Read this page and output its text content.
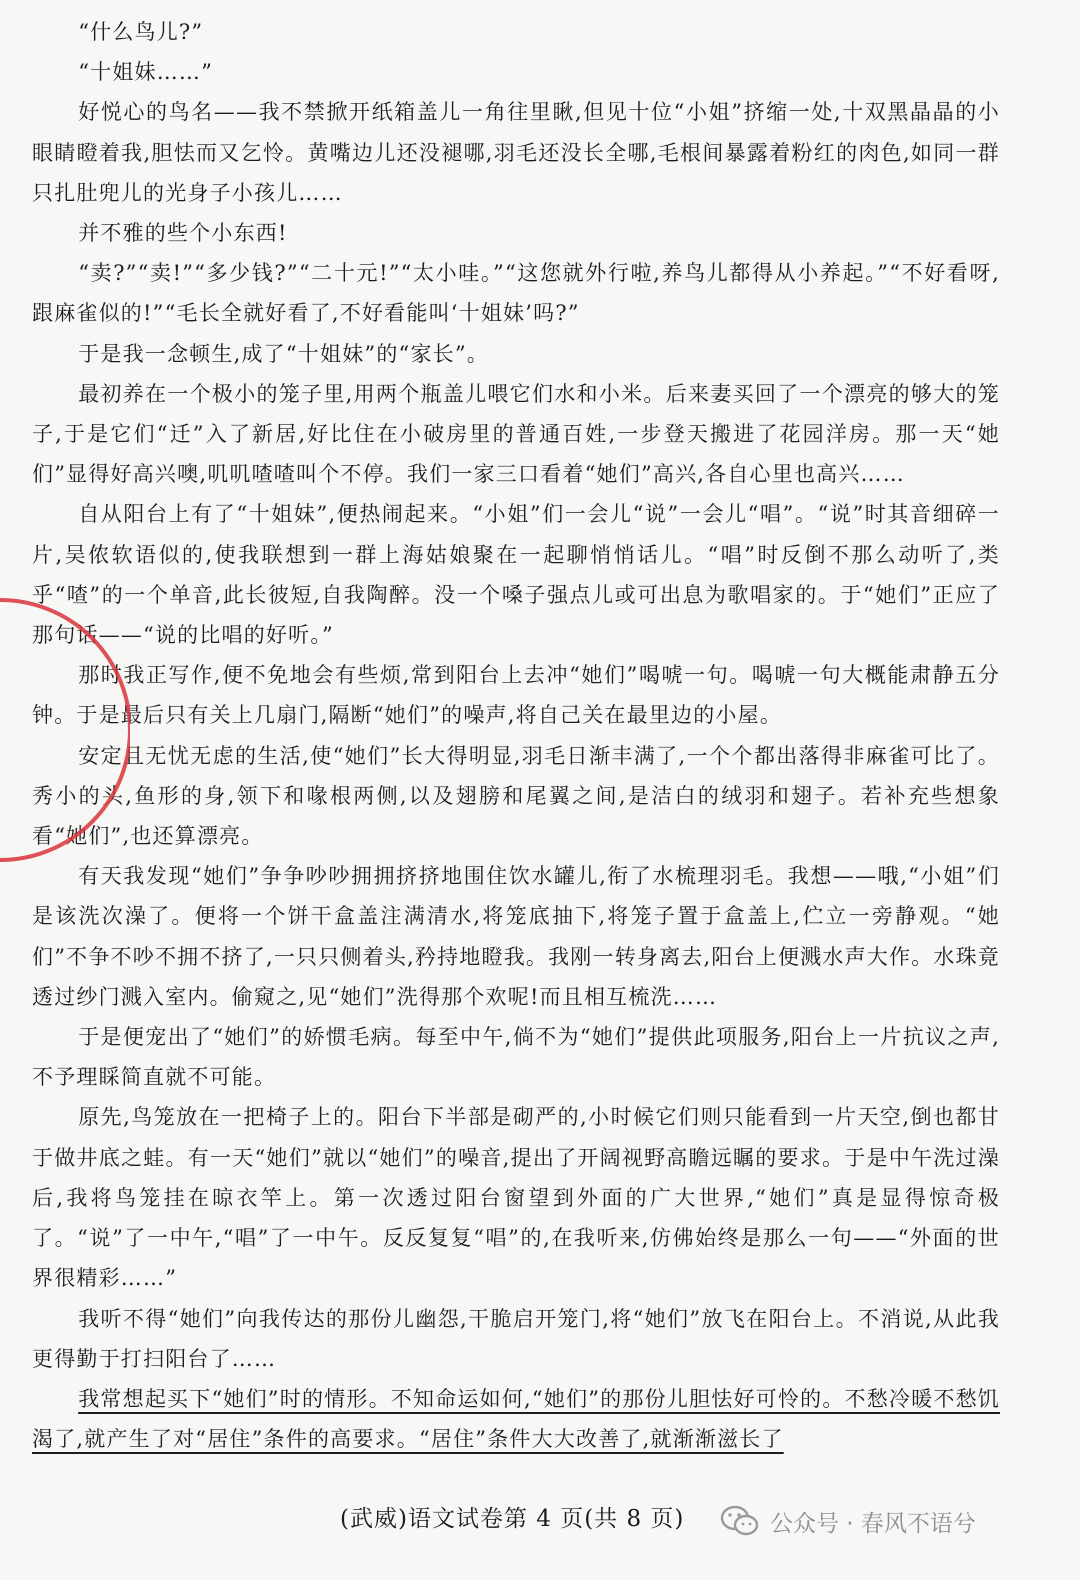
“什么鸟儿?”

“十姐妹……”

好悦心的鸟名——我不禁掀开纸箱盖儿一角往里瞅,但见十位“小姐”挤缩一处,十双黑晶晶的小眼睛瞪着我,胆怯而又乞怜。黄嘴边儿还没褪哪,羽毛还没长全哪,毛根间暴露着粉红的肉色,如同一群只扎肚兜儿的光身子小孩儿……

并不雅的些个小东西!

“卖?”“卖!”“多少钱?”“二十元!”“太小哇。”“这您就外行啦,养鸟儿都得从小养起。”“不好看呀,跟麻雀似的!”“毛长全就好看了,不好看能叫‘十姐妹’吗?”

于是我一念顿生,成了“十姐妹”的“家长”。

最初养在一个极小的笼子里,用两个瓶盖儿喂它们水和小米。后来妻买回了一个漂亮的够大的笼子,于是它们“迁”入了新居,好比住在小破房里的普通百姓,一步登天搬进了花园洋房。那一天“她们”显得好高兴噢,叽叽喳喳叫个不停。我们一家三口看着“她们”高兴,各自心里也高兴……

自从阳台上有了“十姐妹”,便热闹起来。“小姐”们一会儿“说”一会儿“唱”。“说”时其音细碎一片,吴侬软语似的,使我联想到一群上海姑娘聚在一起聊悄悄话儿。“唱”时反倒不那么动听了,类乎“喳”的一个单音,此长彼短,自我陶醉。没一个嗓子强点儿或可出息为歌唱家的。于“她们”正应了那句话——“说的比唱的好听。”

那时我正写作,便不免地会有些烦,常到阳台上去冲“她们”喝唬一句。喝唬一句大概能肃静五分钟。于是最后只有关上几扇门,隔断“她们”的噪声,将自己关在最里边的小屋。

安定且无忧无虑的生活,使“她们”长大得明显,羽毛日渐丰满了,一个个都出落得非麻雀可比了。秀小的头,鱼形的身,领下和喙根两侧,以及翅膀和尾翼之间,是洁白的绒羽和翅子。若补充些想象看“她们”,也还算漂亮。

有天我发现“她们”争争吵吵拥拥挤挤地围住饮水罐儿,衔了水梳理羽毛。我想——哦,“小姐”们是该洗次澡了。便将一个饼干盒盖注满清水,将笼底抽下,将笼子置于盒盖上,伫立一旁静观。“她们”不争不吵不拥不挤了,一只只侧着头,矜持地瞪我。我刚一转身离去,阳台上便溅水声大作。水珠竟透过纱门溅入室内。偷窥之,见“她们”洗得那个欢呢!而且相互梳洗……

于是便宠出了“她们”的娇惯毛病。每至中午,倘不为“她们”提供此项服务,阳台上一片抗议之声,不予理睬简直就不可能。

原先,鸟笼放在一把椅子上的。阳台下半部是砌严的,小时候它们则只能看到一片天空,倒也都甘于做井底之蛙。有一天“她们”就以“她们”的噪音,提出了开阔视野高瞻远瞩的要求。于是中午洗过澡后,我将鸟笼挂在晾衣竿上。第一次透过阳台窗望到外面的广大世界,“她们”真是显得惊奇极了。“说”了一中午,“唱”了一中午。反反复复“唱”的,在我听来,仿佛始终是那么一句——“外面的世界很精彩……”

我听不得“她们”向我传达的那份儿幽怨,干脆启开笼门,将“她们”放飞在阳台上。不消说,从此我更得勤于打扫阳台了……

我常想起买下“她们”时的情形。不知命运如何,“她们”的那份儿胆怯好可怜的。不愁冷暖不愁饥渴了,就产生了对“居住”条件的高要求。“居住”条件大大改善了,就渐渐滋长了

(武威)语文试卷第 4 页(共 8 页)	公众号 · 春风不语兮
